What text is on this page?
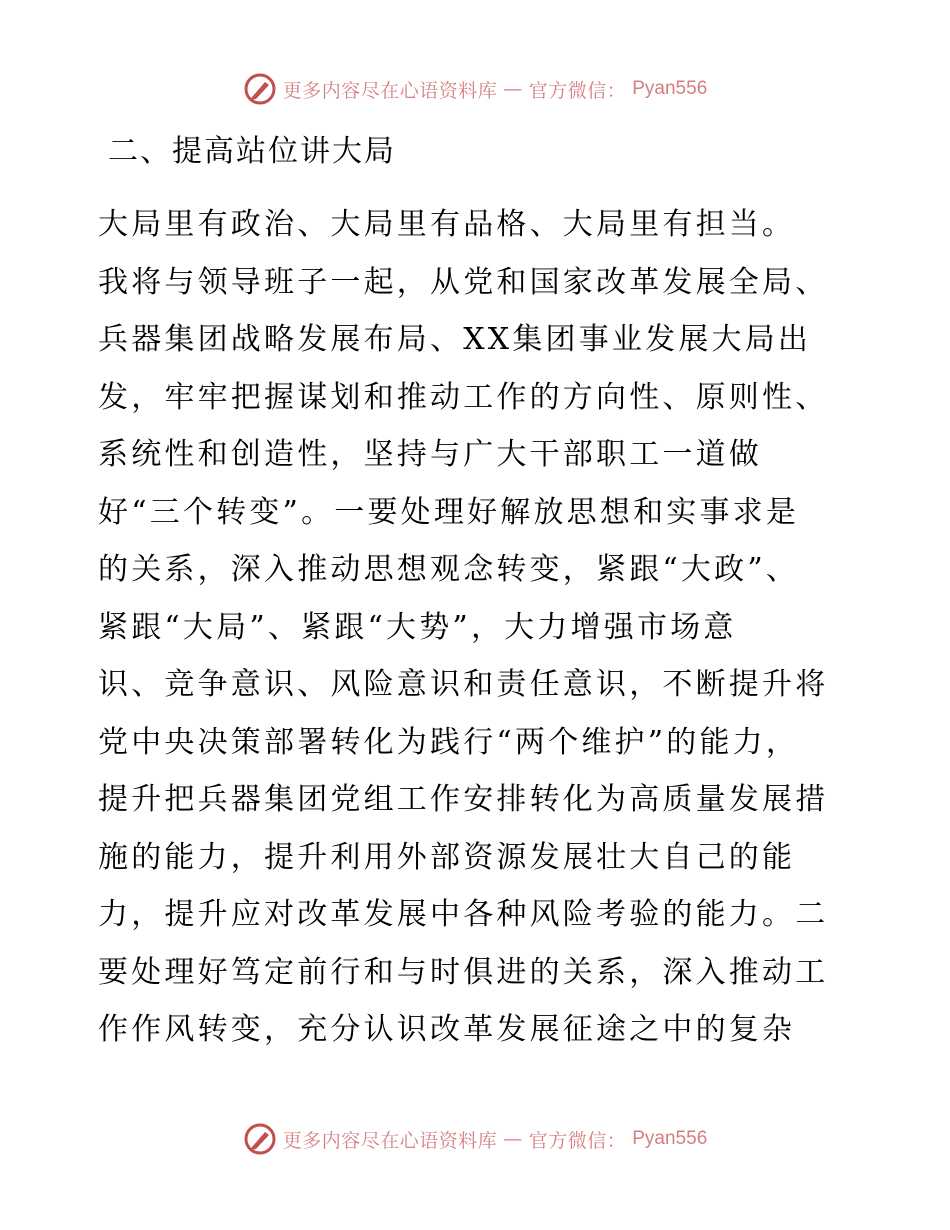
更多内容尽在心语资料库 — 官方微信： Pyan556
二、提高站位讲大局
大局里有政治、大局里有品格、大局里有担当。
我将与领导班子一起，从党和国家改革发展全局、
兵器集团战略发展布局、XX集团事业发展大局出
发，牢牢把握谋划和推动工作的方向性、原则性、
系统性和创造性，坚持与广大干部职工一道做
好“三个转变”。一要处理好解放思想和实事求是
的关系，深入推动思想观念转变，紧跟“大政”、
紧跟“大局”、紧跟“大势”，大力增强市场意
识、竞争意识、风险意识和责任意识，不断提升将
党中央决策部署转化为践行“两个维护”的能力，
提升把兵器集团党组工作安排转化为高质量发展措
施的能力，提升利用外部资源发展壮大自己的能
力，提升应对改革发展中各种风险考验的能力。二
要处理好笃定前行和与时俱进的关系，深入推动工
作作风转变，充分认识改革发展征途之中的复杂
更多内容尽在心语资料库 — 官方微信： Pyan556
